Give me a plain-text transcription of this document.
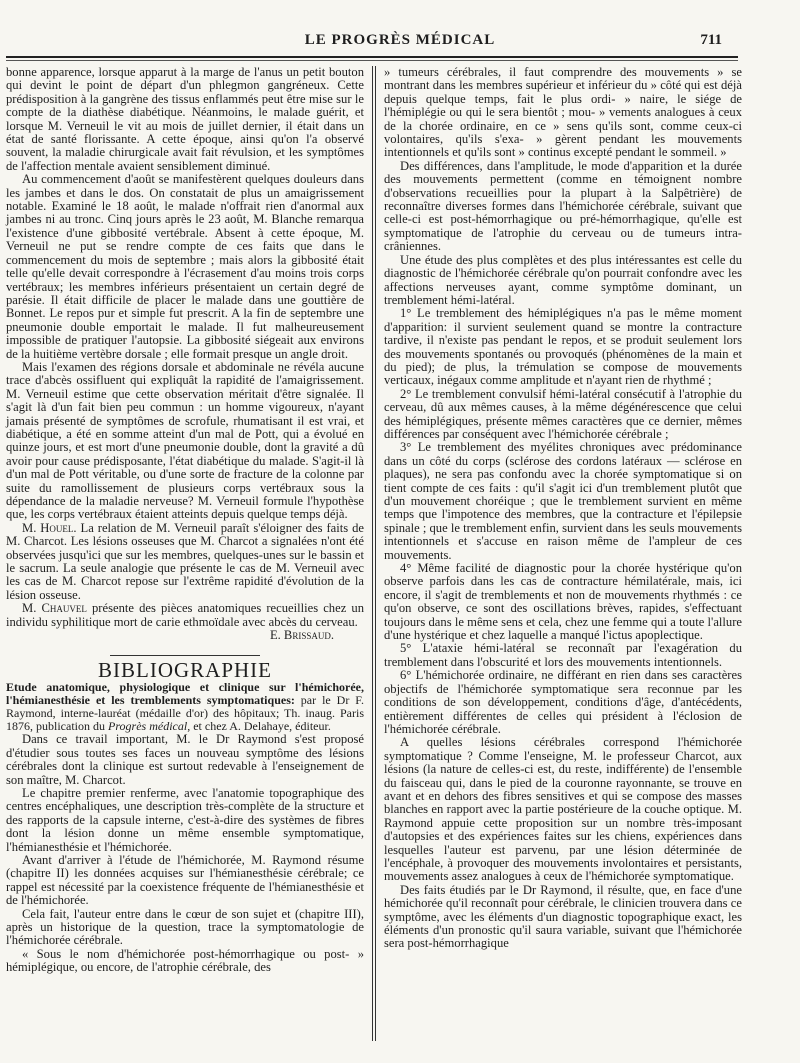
LE PROGRÈS MÉDICAL	711

bonne apparence, lorsque apparut à la marge de l'anus un petit bouton qui devint le point de départ d'un phlegmon gangréneux. Cette prédisposition à la gangrène des tissus enflammés peut être mise sur le compte de la diathèse diabétique. Néanmoins, le malade guérit, et lorsque M. Verneuil le vit au mois de juillet dernier, il était dans un état de santé florissante. A cette époque, ainsi qu'on l'a observé souvent, la maladie chirurgicale avait fait révulsion, et les symptômes de l'affection mentale avaient sensiblement diminué.

Au commencement d'août se manifestèrent quelques douleurs dans les jambes et dans le dos. On constatait de plus un amaigrissement notable. Examiné le 18 août, le malade n'offrait rien d'anormal aux jambes ni au tronc. Cinq jours après le 23 août, M. Blanche remarqua l'existence d'une gibbosité vertébrale. Absent à cette époque, M. Verneuil ne put se rendre compte de ces faits que dans le commencement du mois de septembre ; mais alors la gibbosité était telle qu'elle devait correspondre à l'écrasement d'au moins trois corps vertébraux; les membres inférieurs présentaient un certain degré de parésie. Il était difficile de placer le malade dans une gouttière de Bonnet. Le repos pur et simple fut prescrit. A la fin de septembre une pneumonie double emportait le malade. Il fut malheureusement impossible de pratiquer l'autopsie. La gibbosité siégeait aux environs de la huitième vertèbre dorsale ; elle formait presque un angle droit.

Mais l'examen des régions dorsale et abdominale ne révéla aucune trace d'abcès ossifluent qui expliquât la rapidité de l'amaigrissement. M. Verneuil estime que cette observation méritait d'être signalée. Il s'agit là d'un fait bien peu commun : un homme vigoureux, n'ayant jamais présenté de symptômes de scrofule, rhumatisant il est vrai, et diabétique, a été en somme atteint d'un mal de Pott, qui a évolué en quinze jours, et est mort d'une pneumonie double, dont la gravité a dû avoir pour cause prédisposante, l'état diabétique du malade. S'agit-il là d'un mal de Pott véritable, ou d'une sorte de fracture de la colonne par suite du ramollissement de plusieurs corps vertébraux sous la dépendance de la maladie nerveuse? M. Verneuil formule l'hypothèse que, les corps vertébraux étaient atteints depuis quelque temps déjà.

M. Houel. La relation de M. Verneuil paraît s'éloigner des faits de M. Charcot. Les lésions osseuses que M. Charcot a signalées n'ont été observées jusqu'ici que sur les membres, quelques-unes sur le bassin et le sacrum. La seule analogie que présente le cas de M. Verneuil avec les cas de M. Charcot repose sur l'extrême rapidité d'évolution de la lésion osseuse.

M. Chauvel présente des pièces anatomiques recueillies chez un individu syphilitique mort de carie ethmoïdale avec abcès du cerveau.

E. Brissaud.

BIBLIOGRAPHIE

Etude anatomique, physiologique et clinique sur l'hémichorée, l'hémianesthésie et les tremblements symptomatiques: par le Dr F. Raymond, interne-lauréat (médaille d'or) des hôpitaux; Th. inaug. Paris 1876, publication du Progrès médical, et chez A. Delahaye, éditeur.

Dans ce travail important, M. le Dr Raymond s'est proposé d'étudier sous toutes ses faces un nouveau symptôme des lésions cérébrales dont la clinique est surtout redevable à l'enseignement de son maître, M. Charcot.

Le chapitre premier renferme, avec l'anatomie topographique des centres encéphaliques, une description très-complète de la structure et des rapports de la capsule interne, c'est-à-dire des systèmes de fibres dont la lésion donne un même ensemble symptomatique, l'hémianesthésie et l'hémichorée.

Avant d'arriver à l'étude de l'hémichorée, M. Raymond résume (chapitre II) les données acquises sur l'hémianesthésie cérébrale; ce rappel est nécessité par la coexistence fréquente de l'hémianesthésie et de l'hémichorée.

Cela fait, l'auteur entre dans le cœur de son sujet et (chapitre III), après un historique de la question, trace la symptomatologie de l'hémichorée cérébrale.

« Sous le nom d'hémichorée post-hémorrhagique ou post- » hémiplégique, ou encore, de l'atrophie cérébrale, des

» tumeurs cérébrales, il faut comprendre des mouvements » se montrant dans les membres supérieur et inférieur du » côté qui est déjà depuis quelque temps, fait le plus ordi- » naire, le siége de l'hémiplégie ou qui le sera bientôt ; mou- » vements analogues à ceux de la chorée ordinaire, en ce » sens qu'ils sont, comme ceux-ci volontaires, qu'ils s'exa- » gèrent pendant les mouvements intentionnels et qu'ils sont » continus excepté pendant le sommeil. »

Des différences, dans l'amplitude, le mode d'apparition et la durée des mouvements permettent (comme en témoignent nombre d'observations recueillies pour la plupart à la Salpêtrière) de reconnaître diverses formes dans l'hémichorée cérébrale, suivant que celle-ci est post-hémorrhagique ou pré-hémorrhagique, qu'elle est symptomatique de l'atrophie du cerveau ou de tumeurs intra-crâniennes.

Une étude des plus complètes et des plus intéressantes est celle du diagnostic de l'hémichorée cérébrale qu'on pourrait confondre avec les affections nerveuses ayant, comme symptôme dominant, un tremblement hémi-latéral.

1° Le tremblement des hémiplégiques n'a pas le même moment d'apparition: il survient seulement quand se montre la contracture tardive, il n'existe pas pendant le repos, et se produit seulement lors des mouvements spontanés ou provoqués (phénomènes de la main et du pied); de plus, la trémulation se compose de mouvements verticaux, inégaux comme amplitude et n'ayant rien de rhythmé ;

2° Le tremblement convulsif hémi-latéral consécutif à l'atrophie du cerveau, dû aux mêmes causes, à la même dégénérescence que celui des hémiplégiques, présente mêmes caractères que ce dernier, mêmes différences par conséquent avec l'hémichorée cérébrale ;

3° Le tremblement des myélites chroniques avec prédominance dans un côté du corps (sclérose des cordons latéraux — sclérose en plaques), ne sera pas confondu avec la chorée symptomatique si on tient compte de ces faits : qu'il s'agit ici d'un tremblement plutôt que d'un mouvement choréique ; que le tremblement survient en même temps que l'impotence des membres, que la contracture et l'épilepsie spinale ; que le tremblement enfin, survient dans les seuls mouvements intentionnels et s'accuse en raison même de l'ampleur de ces mouvements.

4° Même facilité de diagnostic pour la chorée hystérique qu'on observe parfois dans les cas de contracture hémilatérale, mais, ici encore, il s'agit de tremblements et non de mouvements rhythmés : ce qu'on observe, ce sont des oscillations brèves, rapides, s'effectuant toujours dans le même sens et cela, chez une femme qui a toute l'allure d'une hystérique et chez laquelle a manqué l'ictus apoplectique.

5° L'ataxie hémi-latéral se reconnaît par l'exagération du tremblement dans l'obscurité et lors des mouvements intentionnels.

6° L'hémichorée ordinaire, ne différant en rien dans ses caractères objectifs de l'hémichorée symptomatique sera reconnue par les conditions de son développement, conditions d'âge, d'antécédents, entièrement différentes de celles qui président à l'éclosion de l'hémichorée cérébrale.

A quelles lésions cérébrales correspond l'hémichorée symptomatique ? Comme l'enseigne, M. le professeur Charcot, aux lésions (la nature de celles-ci est, du reste, indifférente) de l'ensemble du faisceau qui, dans le pied de la couronne rayonnante, se trouve en avant et en dehors des fibres sensitives et qui se compose des masses blanches en rapport avec la partie postérieure de la couche optique. M. Raymond appuie cette proposition sur un nombre très-imposant d'autopsies et des expériences faites sur les chiens, expériences dans lesquelles l'auteur est parvenu, par une lésion déterminée de l'encéphale, à provoquer des mouvements involontaires et persistants, mouvements assez analogues à ceux de l'hémichorée symptomatique.

Des faits étudiés par le Dr Raymond, il résulte, que, en face d'une hémichorée qu'il reconnaît pour cérébrale, le clinicien trouvera dans ce symptôme, avec les éléments d'un diagnostic topographique exact, les éléments d'un pronostic qu'il saura variable, suivant que l'hémichorée sera post-hémorrhagique
